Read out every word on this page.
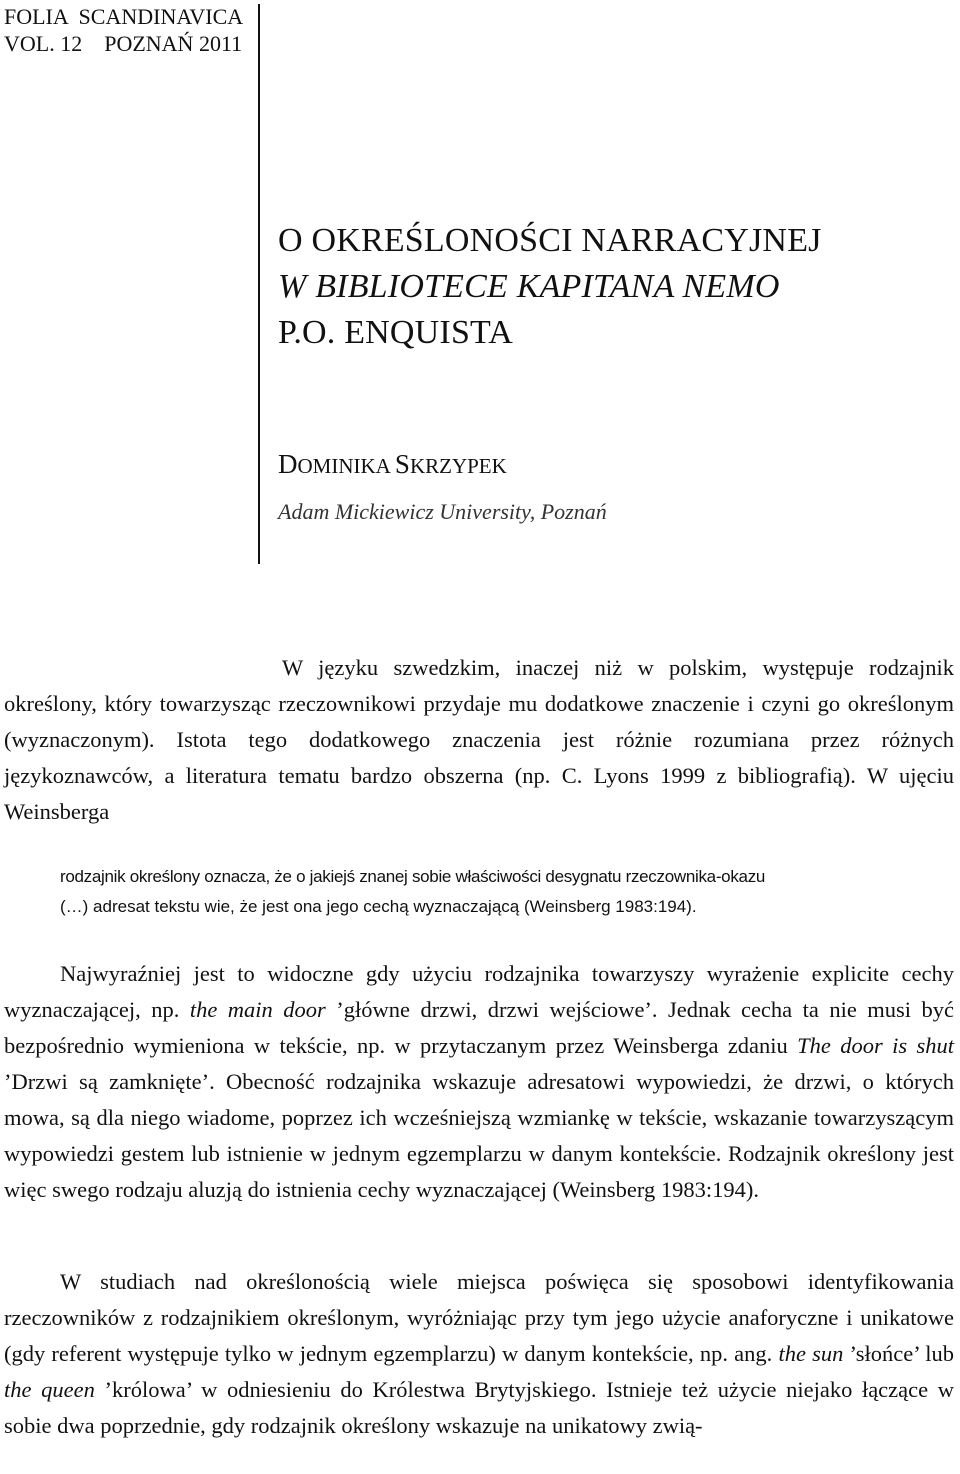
FOLIA  SCANDINAVICA
VOL. 12    POZNAŃ 2011
O OKREŚLONOŚCI NARRACYJNEJ
W BIBLIOTECE KAPITANA NEMO
P.O. ENQUISTA
DOMINIKA SKRZYPEK
Adam Mickiewicz University, Poznań
W języku szwedzkim, inaczej niż w polskim, występuje rodzajnik określony, który towarzysząc rzeczownikowi przydaje mu dodatkowe znaczenie i czyni go określonym (wyznaczonym). Istota tego dodatkowego znaczenia jest różnie rozumiana przez różnych językoznawców, a literatura tematu bardzo obszerna (np. C. Lyons 1999 z bibliografią). W ujęciu Weinsberga
rodzajnik określony oznacza, że o jakiejś znanej sobie właściwości desygnatu rzeczownika-okazu
(…) adresat tekstu wie, że jest ona jego cechą wyznaczającą (Weinsberg 1983:194).
Najwyraźniej jest to widoczne gdy użyciu rodzajnika towarzyszy wyrażenie explicite cechy wyznaczającej, np. the main door ’główne drzwi, drzwi wejściowe’. Jednak cecha ta nie musi być bezpośrednio wymieniona w tekście, np. w przytaczanym przez Weinsberga zdaniu The door is shut ’Drzwi są zamknięte’. Obecność rodzajnika wskazuje adresatowi wypowiedzi, że drzwi, o których mowa, są dla niego wiadome, poprzez ich wcześniejszą wzmiankę w tekście, wskazanie towarzyszącym wypowiedzi gestem lub istnienie w jednym egzemplarzu w danym kontekście. Rodzajnik określony jest więc swego rodzaju aluzją do istnienia cechy wyznaczającej (Weinsberg 1983:194).
W studiach nad określonością wiele miejsca poświęca się sposobowi identyfikowania rzeczowników z rodzajnikiem określonym, wyróżniając przy tym jego użycie anaforyczne i unikatowe (gdy referent występuje tylko w jednym egzemplarzu) w danym kontekście, np. ang. the sun ’słońce’ lub the queen ’królowa’ w odniesieniu do Królestwa Brytyjskiego. Istnieje też użycie niejako łączące w sobie dwa poprzednie, gdy rodzajnik określony wskazuje na unikatowy zwią-
